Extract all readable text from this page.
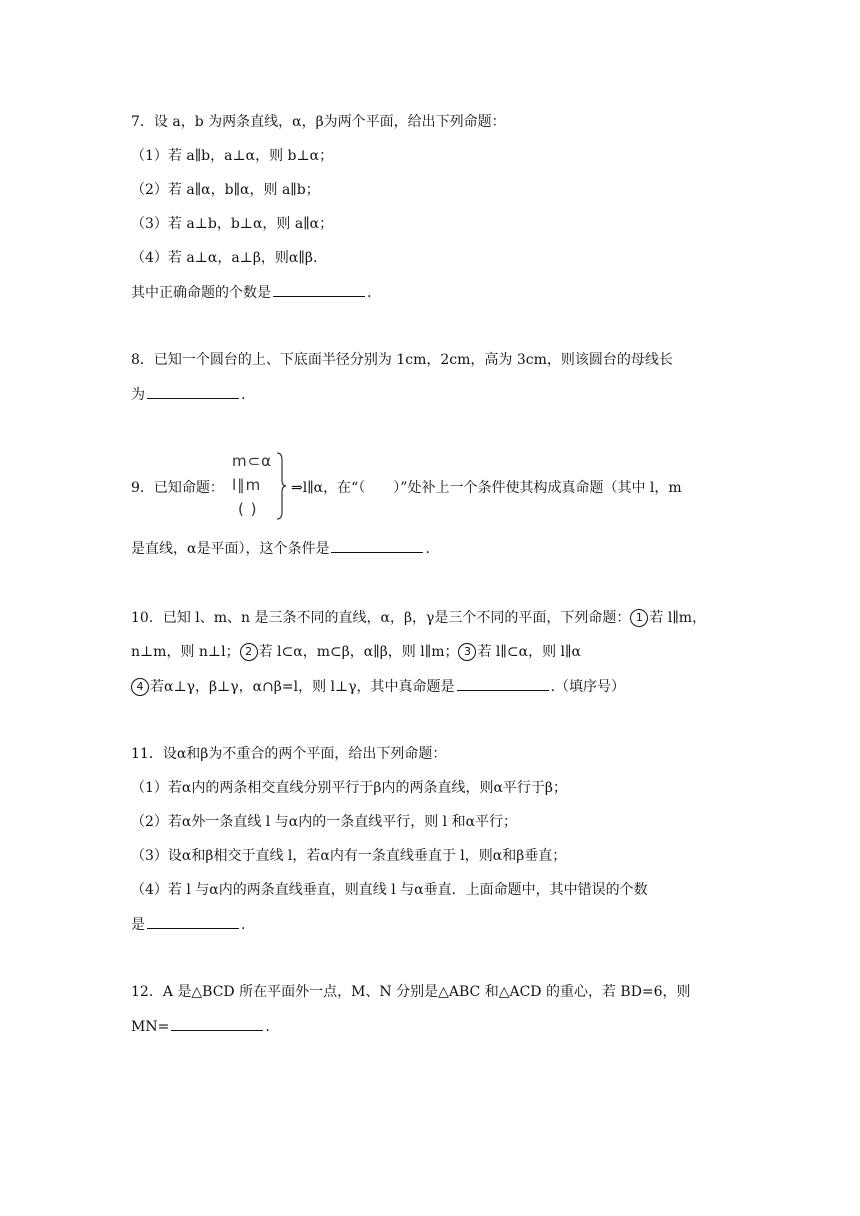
7．设 a，b 为两条直线，α，β为两个平面，给出下列命题：
（1）若 a∥b，a⊥α，则 b⊥α；
（2）若 a∥α，b∥α，则 a∥b；
（3）若 a⊥b，b⊥α，则 a∥α；
（4）若 a⊥α，a⊥β，则α∥β.
其中正确命题的个数是	.
8．已知一个圆台的上、下底面半径分别为 1cm，2cm，高为 3cm，则该圆台的母线长
为	.
9．已知命题：
m⊂α
l∥m
( )
⇒l∥α，在“（　　）”处补上一个条件使其构成真命题（其中 l，m
是直线，α是平面），这个条件是	.
10．已知 l、m、n 是三条不同的直线，α，β，γ是三个不同的平面，下列命题： 1 若 l∥m，
n⊥m，则 n⊥l； 2 若 l⊂α，m⊂β，α∥β，则 l∥m； 3 若 l∥⊂α，则 l∥α
4 若α⊥γ，β⊥γ，α∩β=l，则 l⊥γ，其中真命题是	.（填序号）
11．设α和β为不重合的两个平面，给出下列命题：
（1）若α内的两条相交直线分别平行于β内的两条直线，则α平行于β；
（2）若α外一条直线 l 与α内的一条直线平行，则 l 和α平行；
（3）设α和β相交于直线 l，若α内有一条直线垂直于 l，则α和β垂直；
（4）若 l 与α内的两条直线垂直，则直线 l 与α垂直．上面命题中，其中错误的个数
是	.
12．A 是△BCD 所在平面外一点，M、N 分别是△ABC 和△ACD 的重心，若 BD=6，则
MN=	.
